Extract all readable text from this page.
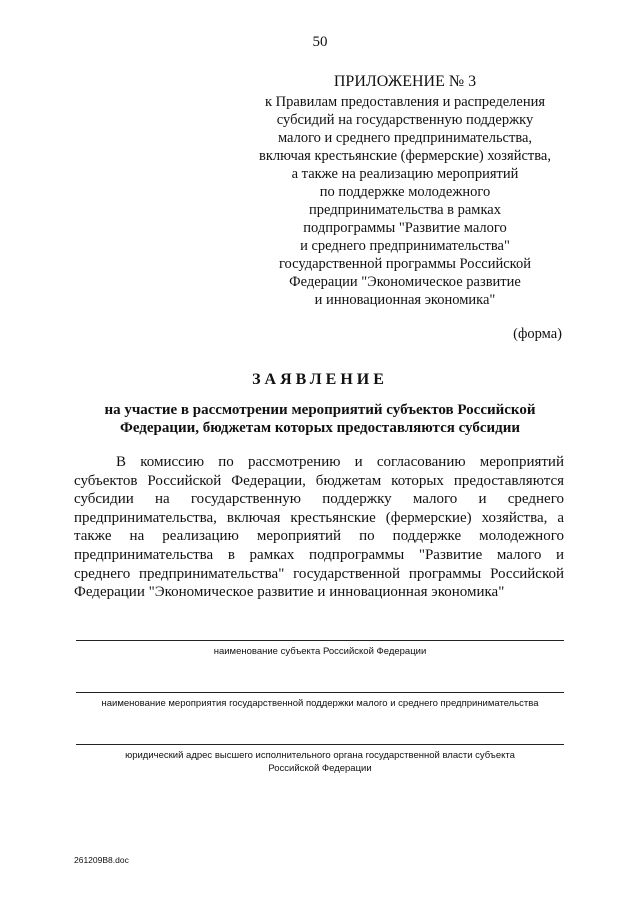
50
ПРИЛОЖЕНИЕ № 3
к Правилам предоставления и распределения
субсидий на государственную поддержку
малого и среднего предпринимательства,
включая крестьянские (фермерские) хозяйства,
а также на реализацию мероприятий
по поддержке молодежного
предпринимательства в рамках
подпрограммы "Развитие малого
и среднего предпринимательства"
государственной программы Российской
Федерации "Экономическое развитие
и инновационная экономика"
(форма)
ЗАЯВЛЕНИЕ
на участие в рассмотрении мероприятий субъектов Российской
Федерации, бюджетам которых предоставляются субсидии
В комиссию по рассмотрению и согласованию мероприятий
субъектов Российской Федерации, бюджетам которых предоставляются
субсидии на государственную поддержку малого и среднего
предпринимательства, включая крестьянские (фермерские) хозяйства, а
также на реализацию мероприятий по поддержке молодежного
предпринимательства в рамках подпрограммы "Развитие малого и
среднего предпринимательства" государственной программы Российской
Федерации "Экономическое развитие и инновационная экономика"
наименование субъекта Российской Федерации
наименование мероприятия государственной поддержки малого и среднего предпринимательства
юридический адрес высшего исполнительного органа государственной власти субъекта
Российской Федерации
261209B8.doc
